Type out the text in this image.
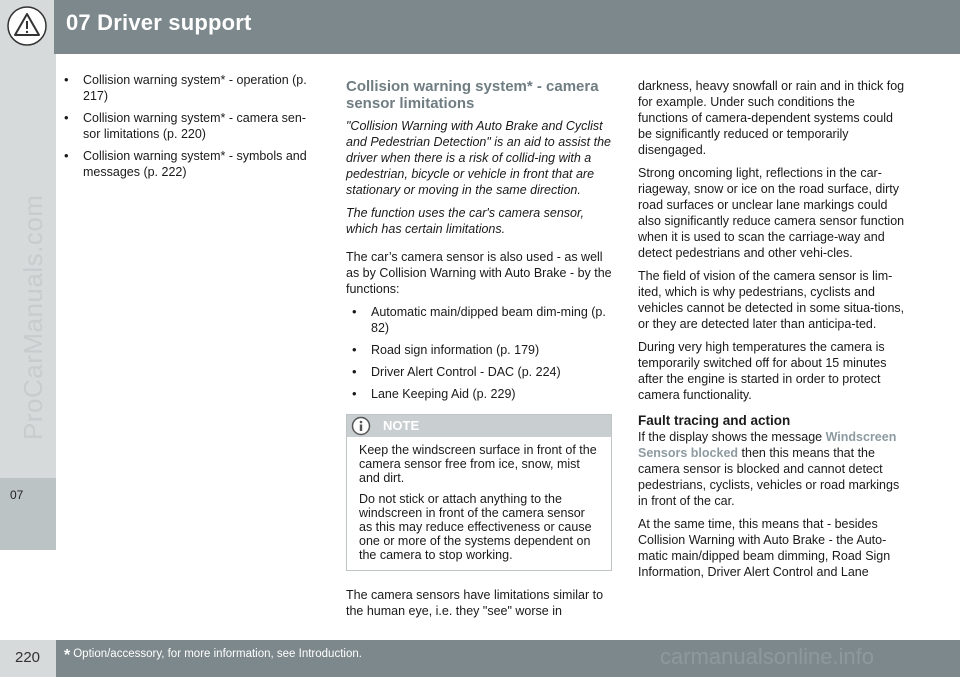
07 Driver support
07
ProCarManuals.com
• Collision warning system* - operation (p. 217)
• Collision warning system* - camera sen-sor limitations (p. 220)
• Collision warning system* - symbols and messages (p. 222)
Collision warning system* - camera sensor limitations

"Collision Warning with Auto Brake and Cyclist and Pedestrian Detection" is an aid to assist the driver when there is a risk of collid-ing with a pedestrian, bicycle or vehicle in front that are stationary or moving in the same direction.

The function uses the car's camera sensor, which has certain limitations.

The car’s camera sensor is also used - as well as by Collision Warning with Auto Brake - by the functions:

• Automatic main/dipped beam dim-ming (p. 82)
• Road sign information (p. 179)
• Driver Alert Control - DAC (p. 224)
• Lane Keeping Aid (p. 229)
NOTE

Keep the windscreen surface in front of the camera sensor free from ice, snow, mist and dirt.

Do not stick or attach anything to the windscreen in front of the camera sensor as this may reduce effectiveness or cause one or more of the systems dependent on the camera to stop working.

The camera sensors have limitations similar to the human eye, i.e. they "see" worse in

darkness, heavy snowfall or rain and in thick fog for example. Under such conditions the functions of camera-dependent systems could be significantly reduced or temporarily disengaged.

Strong oncoming light, reflections in the car-riageway, snow or ice on the road surface, dirty road surfaces or unclear lane markings could also significantly reduce camera sensor function when it is used to scan the carriage-way and detect pedestrians and other vehi-cles.

The field of vision of the camera sensor is lim-ited, which is why pedestrians, cyclists and vehicles cannot be detected in some situa-tions, or they are detected later than anticipa-ted.

During very high temperatures the camera is temporarily switched off for about 15 minutes after the engine is started in order to protect camera functionality.

Fault tracing and action

If the display shows the message Windscreen Sensors blocked then this means that the camera sensor is blocked and cannot detect pedestrians, cyclists, vehicles or road markings in front of the car.

At the same time, this means that - besides Collision Warning with Auto Brake - the Auto-matic main/dipped beam dimming, Road Sign Information, Driver Alert Control and Lane

220 * Option/accessory, for more information, see Introduction.	carmanualsonline.info
